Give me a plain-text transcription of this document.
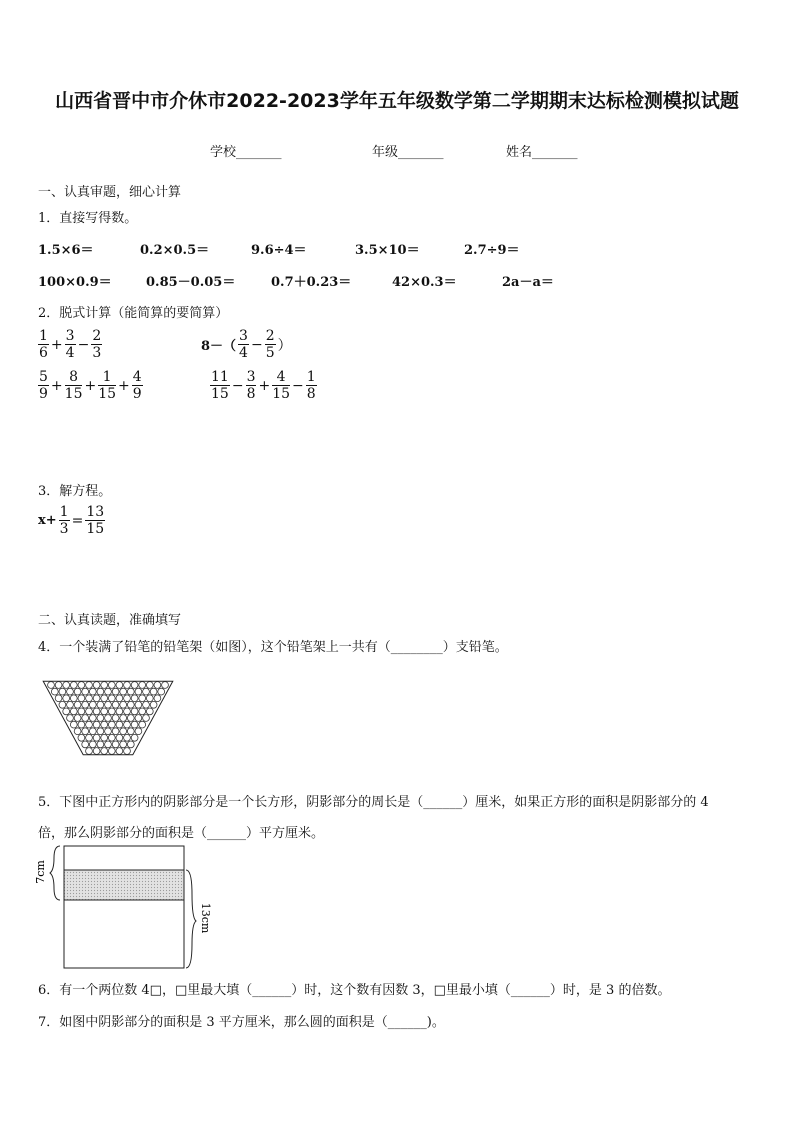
山西省晋中市介休市2022-2023学年五年级数学第二学期期末达标检测模拟试题
学校_______	年级_______	姓名_______
一、认真审题，细心计算
1．直接写得数。
1.5×6＝	0.2×0.5＝	9.6÷4＝	3.5×10＝	2.7÷9＝
100×0.9＝	0.85－0.05＝	0.7＋0.23＝	42×0.3＝	2a－a＝
2．脱式计算（能简算的要简算）
$\frac{1}{6} + \frac{3}{4} - \frac{2}{3}$	$8-( \frac{3}{4} - \frac{2}{5}$ ）
$\frac{5}{9} + \frac{8}{15} + \frac{1}{15} + \frac{4}{9}$	$\frac{11}{15} - \frac{3}{8} + \frac{4}{15} - \frac{1}{8}$
3．解方程。
$x+ \frac{1}{3} = \frac{13}{15}$
二、认真读题，准确填写
4．一个装满了铅笔的铅笔架（如图），这个铅笔架上一共有（________）支铅笔。
5．下图中正方形内的阴影部分是一个长方形，阴影部分的周长是（______）厘米，如果正方形的面积是阴影部分的 4
倍，那么阴影部分的面积是（______）平方厘米。
7cm
13cm
6．有一个两位数 4□，□里最大填（______）时，这个数有因数 3，□里最小填（______）时，是 3 的倍数。
7．如图中阴影部分的面积是 3 平方厘米，那么圆的面积是（______)。
